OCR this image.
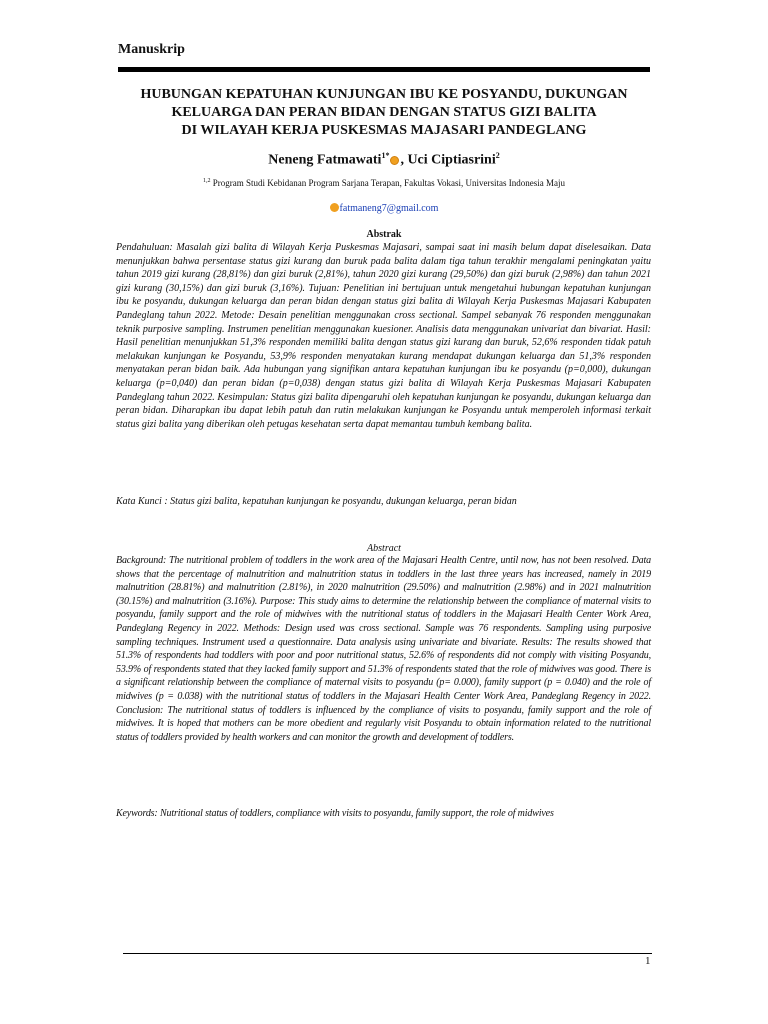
Manuskrip
HUBUNGAN KEPATUHAN KUNJUNGAN IBU KE POSYANDU, DUKUNGAN
KELUARGA DAN PERAN BIDAN DENGAN STATUS GIZI BALITA
DI WILAYAH KERJA PUSKESMAS MAJASARI PANDEGLANG
Neneng Fatmawati$^{1*}$ , Uci Ciptiasrini$^2$
$^{1,2}$ Program Studi Kebidanan Program Sarjana Terapan, Fakultas Vokasi, Universitas Indonesia Maju
fatmaneng7@gmail.com
Abstrak

Pendahuluan: Masalah gizi balita di Wilayah Kerja Puskesmas Majasari, sampai saat ini masih belum dapat diselesaikan. Data menunjukkan bahwa persentase status gizi kurang dan buruk pada balita dalam tiga tahun terakhir mengalami peningkatan yaitu tahun 2019 gizi kurang (28,81%) dan gizi buruk (2,81%), tahun 2020 gizi kurang (29,50%) dan gizi buruk (2,98%) dan tahun 2021 gizi kurang (30,15%) dan gizi buruk (3,16%). Tujuan: Penelitian ini bertujuan untuk mengetahui hubungan kepatuhan kunjungan ibu ke posyandu, dukungan keluarga dan peran bidan dengan status gizi balita di Wilayah Kerja Puskesmas Majasari Kabupaten Pandeglang tahun 2022. Metode: Desain penelitian menggunakan cross sectional. Sampel sebanyak 76 responden menggunakan teknik purposive sampling. Instrumen penelitian menggunakan kuesioner. Analisis data menggunakan univariat dan bivariat. Hasil: Hasil penelitian menunjukkan 51,3% responden memiliki balita dengan status gizi kurang dan buruk, 52,6% responden tidak patuh melakukan kunjungan ke Posyandu, 53,9% responden menyatakan kurang mendapat dukungan keluarga dan 51,3% responden menyatakan peran bidan baik. Ada hubungan yang signifikan antara kepatuhan kunjungan ibu ke posyandu (p=0,000), dukungan keluarga (p=0,040) dan peran bidan (p=0,038) dengan status gizi balita di Wilayah Kerja Puskesmas Majasari Kabupaten Pandeglang tahun 2022. Kesimpulan: Status gizi balita dipengaruhi oleh kepatuhan kunjungan ke posyandu, dukungan keluarga dan peran bidan. Diharapkan ibu dapat lebih patuh dan rutin melakukan kunjungan ke Posyandu untuk memperoleh informasi terkait status gizi balita yang diberikan oleh petugas kesehatan serta dapat memantau tumbuh kembang balita.

Kata Kunci : Status gizi balita, kepatuhan kunjungan ke posyandu, dukungan keluarga, peran bidan

Abstract

Background: The nutritional problem of toddlers in the work area of the Majasari Health Centre, until now, has not been resolved. Data shows that the percentage of malnutrition and malnutrition status in toddlers in the last three years has increased, namely in 2019 malnutrition (28.81%) and malnutrition (2.81%), in 2020 malnutrition (29.50%) and malnutrition (2.98%) and in 2021 malnutrition (30.15%) and malnutrition (3.16%). Purpose: This study aims to determine the relationship between the compliance of maternal visits to posyandu, family support and the role of midwives with the nutritional status of toddlers in the Majasari Health Center Work Area, Pandeglang Regency in 2022. Methods: Design used was cross sectional. Sample was 76 respondents. Sampling using purposive sampling techniques. Instrument used a questionnaire. Data analysis using univariate and bivariate. Results: The results showed that 51.3% of respondents had toddlers with poor and poor nutritional status, 52.6% of respondents did not comply with visiting Posyandu, 53.9% of respondents stated that they lacked family support and 51.3% of respondents stated that the role of midwives was good. There is a significant relationship between the compliance of maternal visits to posyandu (p= 0.000), family support (p = 0.040) and the role of midwives (p = 0.038) with the nutritional status of toddlers in the Majasari Health Center Work Area, Pandeglang Regency in 2022. Conclusion: The nutritional status of toddlers is influenced by the compliance of visits to posyandu, family support and the role of midwives. It is hoped that mothers can be more obedient and regularly visit Posyandu to obtain information related to the nutritional status of toddlers provided by health workers and can monitor the growth and development of toddlers.

Keywords: Nutritional status of toddlers, compliance with visits to posyandu, family support, the role of midwives

1
